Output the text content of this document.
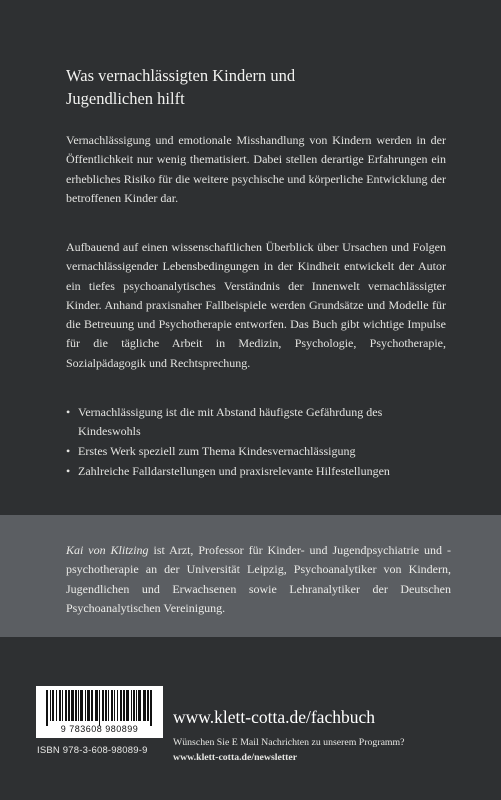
Was vernachlässigten Kindern und
Jugendlichen hilft
Vernachlässigung und emotionale Misshandlung von Kindern werden in der Öffentlichkeit nur wenig thematisiert. Dabei stellen derartige Erfahrungen ein erhebliches Risiko für die weitere psychische und körperliche Entwicklung der betroffenen Kinder dar.
Aufbauend auf einen wissenschaftlichen Überblick über Ursachen und Folgen vernachlässigender Lebensbedingungen in der Kindheit entwickelt der Autor ein tiefes psychoanalytisches Verständnis der Innenwelt vernachlässigter Kinder. Anhand praxisnaher Fallbeispiele werden Grundsätze und Modelle für die Betreuung und Psychotherapie entworfen. Das Buch gibt wichtige Impulse für die tägliche Arbeit in Medizin, Psychologie, Psychotherapie, Sozialpädagogik und Rechtsprechung.
• Vernachlässigung ist die mit Abstand häufigste Gefährdung des Kindeswohls
• Erstes Werk speziell zum Thema Kindesvernachlässigung
• Zahlreiche Falldarstellungen und praxisrelevante Hilfestellungen
Kai von Klitzing ist Arzt, Professor für Kinder- und Jugendpsychiatrie und -psychotherapie an der Universität Leipzig, Psychoanalytiker von Kindern, Jugendlichen und Erwachsenen sowie Lehranalytiker der Deutschen Psychoanalytischen Vereinigung.
9 783608 980899
ISBN 978-3-608-98089-9
www.klett-cotta.de/fachbuch
Wünschen Sie E Mail Nachrichten zu unserem Programm?
www.klett-cotta.de/newsletter
